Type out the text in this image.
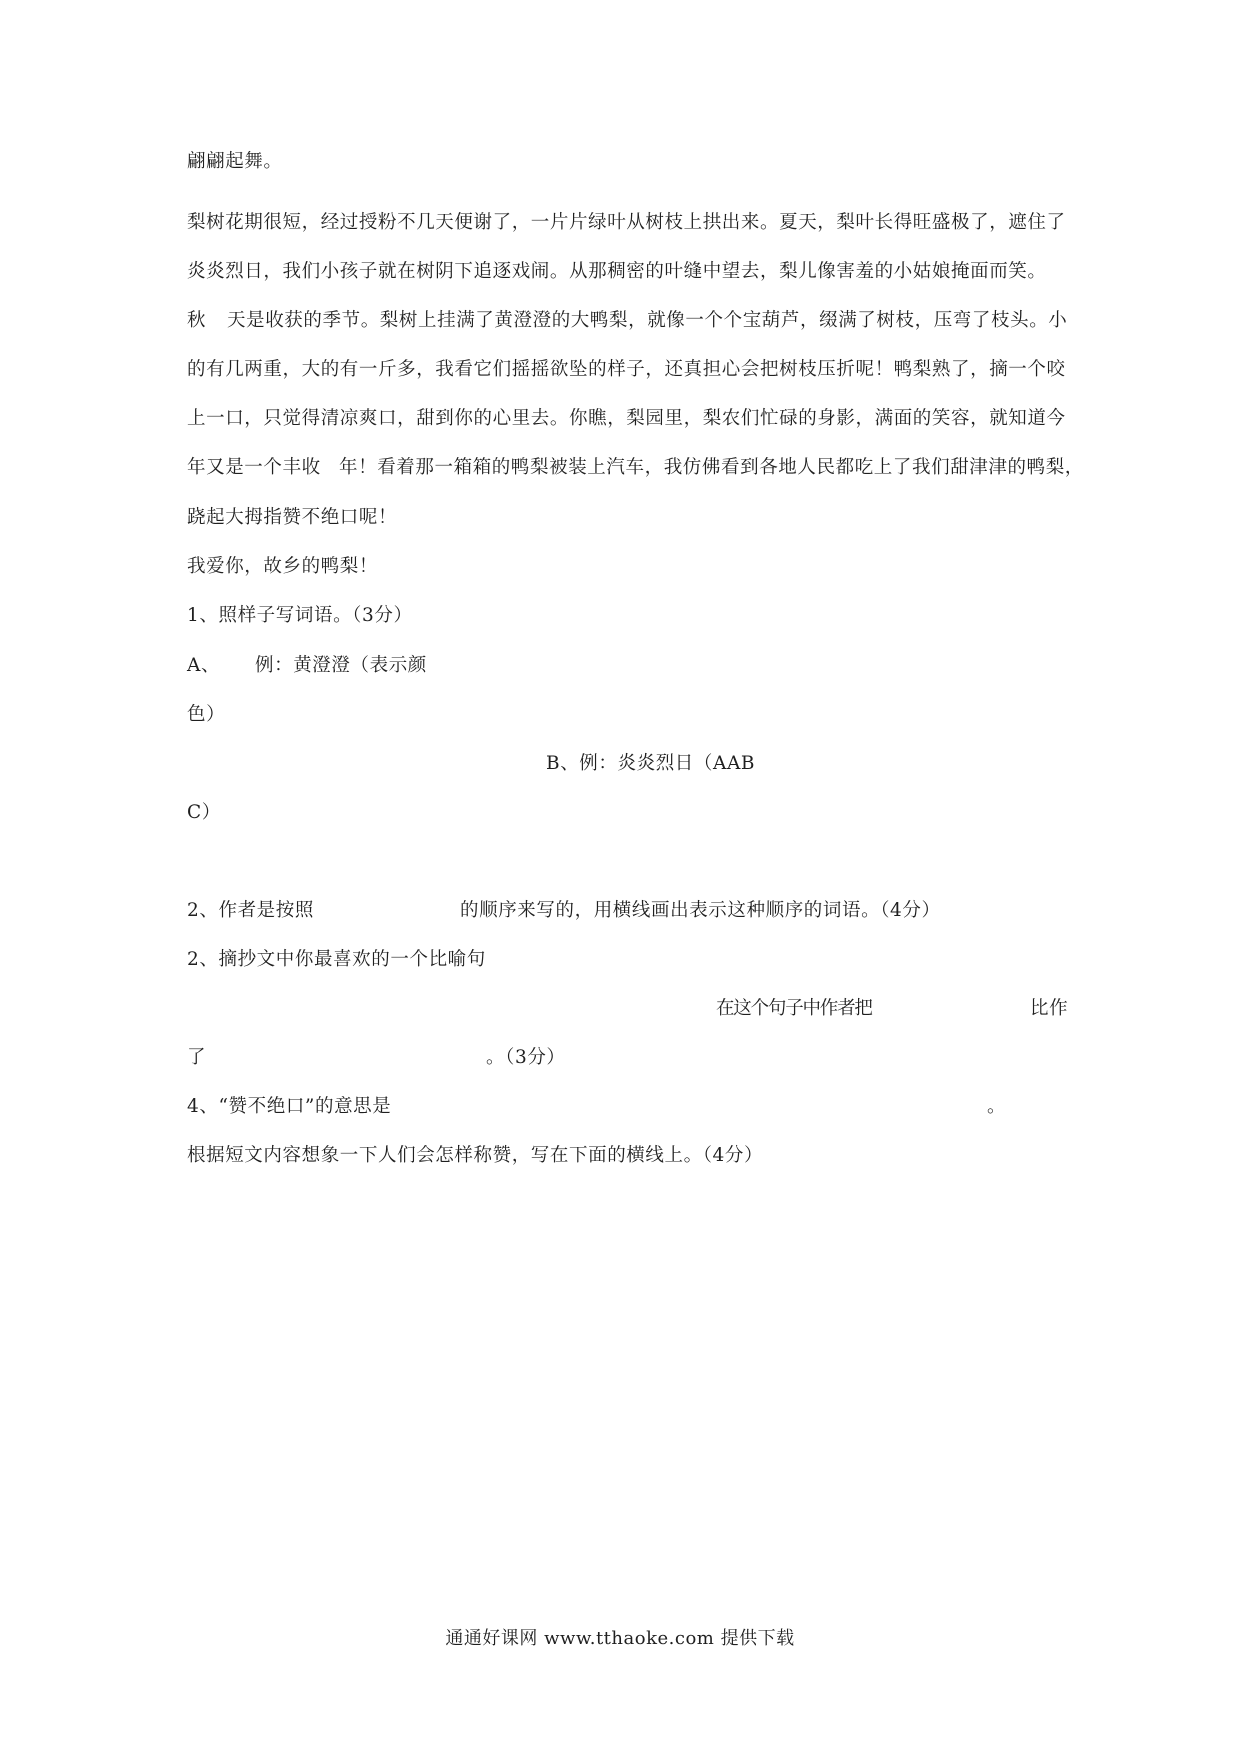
翩翩起舞。
梨树花期很短，经过授粉不几天便谢了，一片片绿叶从树枝上拱出来。夏天，梨叶长得旺盛极了，遮住了
炎炎烈日，我们小孩子就在树阴下追逐戏闹。从那稠密的叶缝中望去，梨儿像害羞的小姑娘掩面而笑。
秋 天是收获的季节。梨树上挂满了黄澄澄的大鸭梨，就像一个个宝葫芦，缀满了树枝，压弯了枝头。小
的有几两重，大的有一斤多，我看它们摇摇欲坠的样子，还真担心会把树枝压折呢！鸭梨熟了，摘一个咬
上一口，只觉得清凉爽口，甜到你的心里去。你瞧，梨园里，梨农们忙碌的身影，满面的笑容，就知道今
年又是一个丰收 年！看着那一箱箱的鸭梨被装上汽车，我仿佛看到各地人民都吃上了我们甜津津的鸭梨，
跷起大拇指赞不绝口呢！
我爱你，故乡的鸭梨！
1、照样子写词语。（3分）
A、 例：黄澄澄（表示颜
色）
B、例：炎炎烈日（AAB
C）
2、作者是按照	的顺序来写的，用横线画出表示这种顺序的词语。（4分）
2、摘抄文中你最喜欢的一个比喻句
在这个句子中作者把	比作
了	。（3分）
4、“赞不绝口”的意思是	。
根据短文内容想象一下人们会怎样称赞，写在下面的横线上。（4分）
通通好课网 www.tthaoke.com 提供下载
